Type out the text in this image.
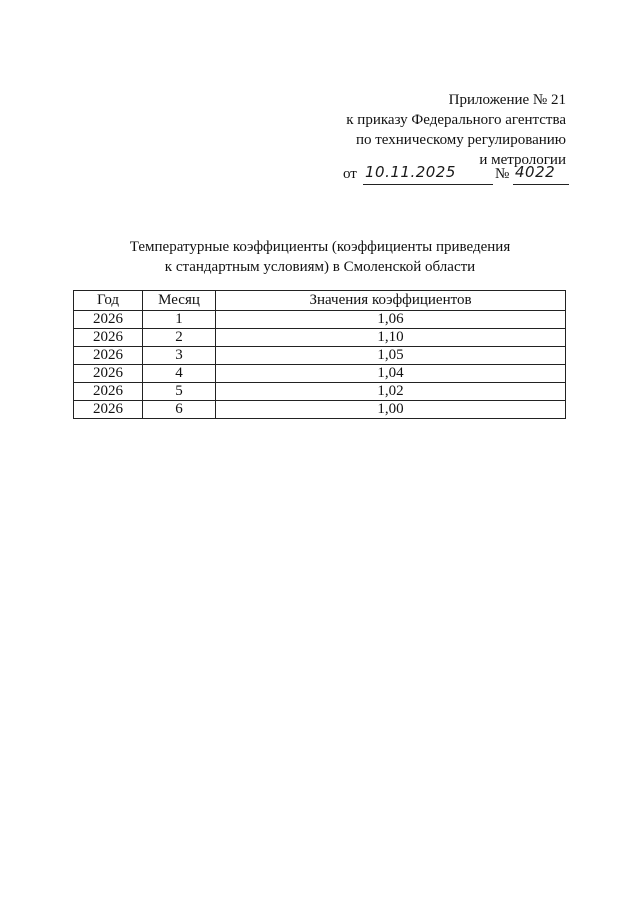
Приложение № 21
к приказу Федерального агентства
по техническому регулированию
и метрологии
от 10.11.2025	№ 4022
Температурные коэффициенты (коэффициенты приведения
к стандартным условиям) в Смоленской области
Год	Месяц	Значения коэффициентов
2026	1	1,06
2026	2	1,10
2026	3	1,05
2026	4	1,04
2026	5	1,02
2026	6	1,00
